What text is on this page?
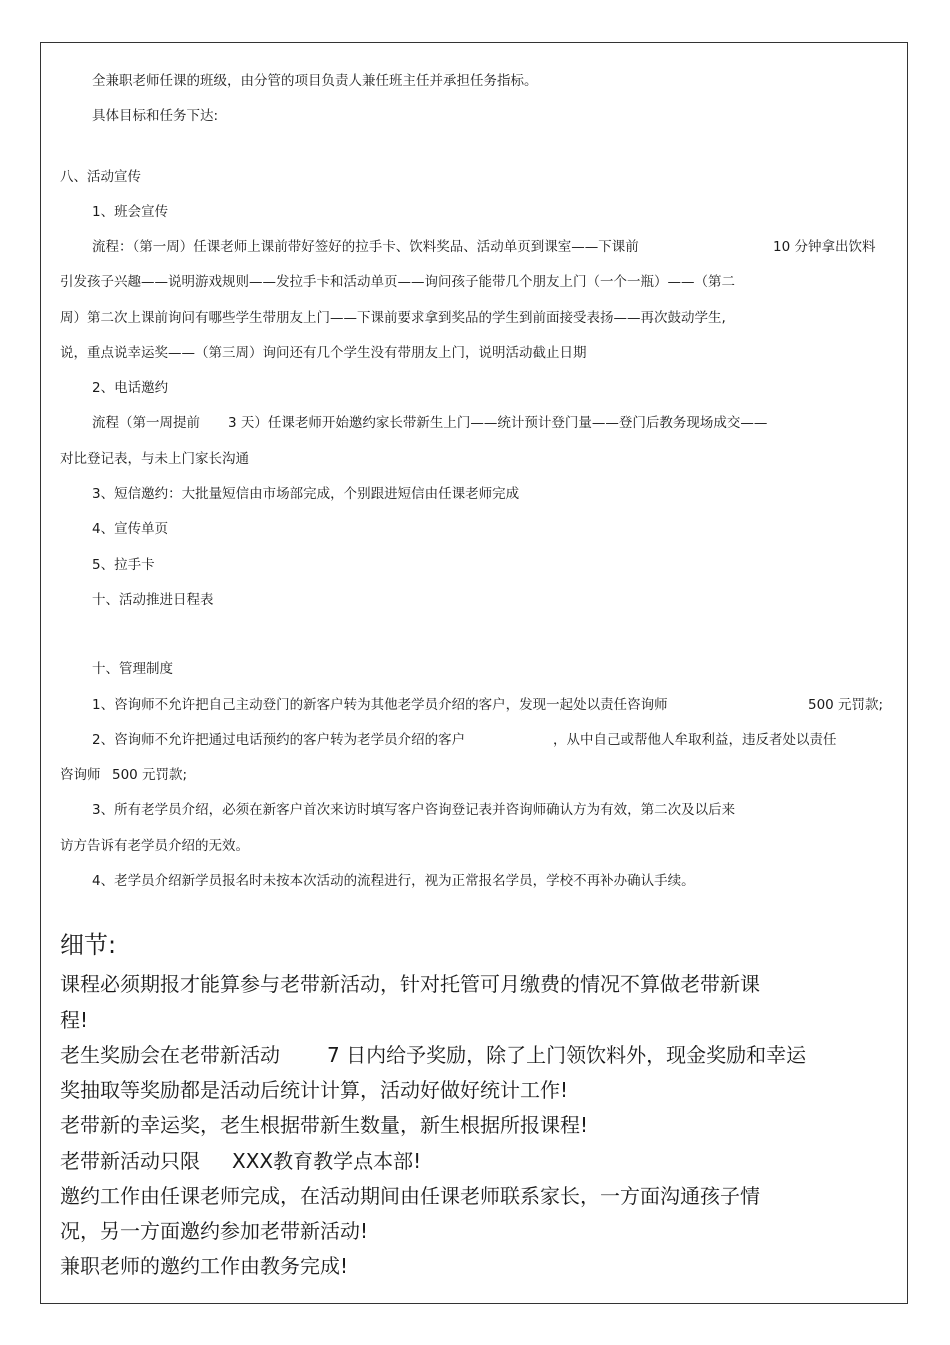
全兼职老师任课的班级，由分管的项目负责人兼任班主任并承担任务指标。
具体目标和任务下达:
八、活动宣传
1、班会宣传
流程：（第一周）任课老师上课前带好签好的拉手卡、饮料奖品、活动单页到课室——下课前	10 分钟拿出饮料
引发孩子兴趣——说明游戏规则——发拉手卡和活动单页——询问孩子能带几个朋友上门（一个一瓶）——（第二
周）第二次上课前询问有哪些学生带朋友上门——下课前要求拿到奖品的学生到前面接受表扬——再次鼓动学生,
说，重点说幸运奖——（第三周）询问还有几个学生没有带朋友上门，说明活动截止日期
2、电话邀约
流程（第一周提前 3 天）任课老师开始邀约家长带新生上门——统计预计登门量——登门后教务现场成交——
对比登记表，与未上门家长沟通
3、短信邀约：大批量短信由市场部完成，个别跟进短信由任课老师完成
4、宣传单页
5、拉手卡
十、活动推进日程表
十、管理制度
1、咨询师不允许把自己主动登门的新客户转为其他老学员介绍的客户，发现一起处以责任咨询师	500 元罚款;
2、咨询师不允许把通过电话预约的客户转为老学员介绍的客户	，从中自己或帮他人牟取利益，违反者处以责任
咨询师 500 元罚款;
3、所有老学员介绍，必须在新客户首次来访时填写客户咨询登记表并咨询师确认方为有效，第二次及以后来
访方告诉有老学员介绍的无效。
4、老学员介绍新学员报名时未按本次活动的流程进行，视为正常报名学员，学校不再补办确认手续。
细节:
课程必须期报才能算参与老带新活动，针对托管可月缴费的情况不算做老带新课
程!
老生奖励会在老带新活动 7 日内给予奖励，除了上门领饮料外，现金奖励和幸运
奖抽取等奖励都是活动后统计计算，活动好做好统计工作!
老带新的幸运奖，老生根据带新生数量，新生根据所报课程!
老带新活动只限 XXX教育教学点本部!
邀约工作由任课老师完成，在活动期间由任课老师联系家长，一方面沟通孩子情
况，另一方面邀约参加老带新活动!
兼职老师的邀约工作由教务完成!
